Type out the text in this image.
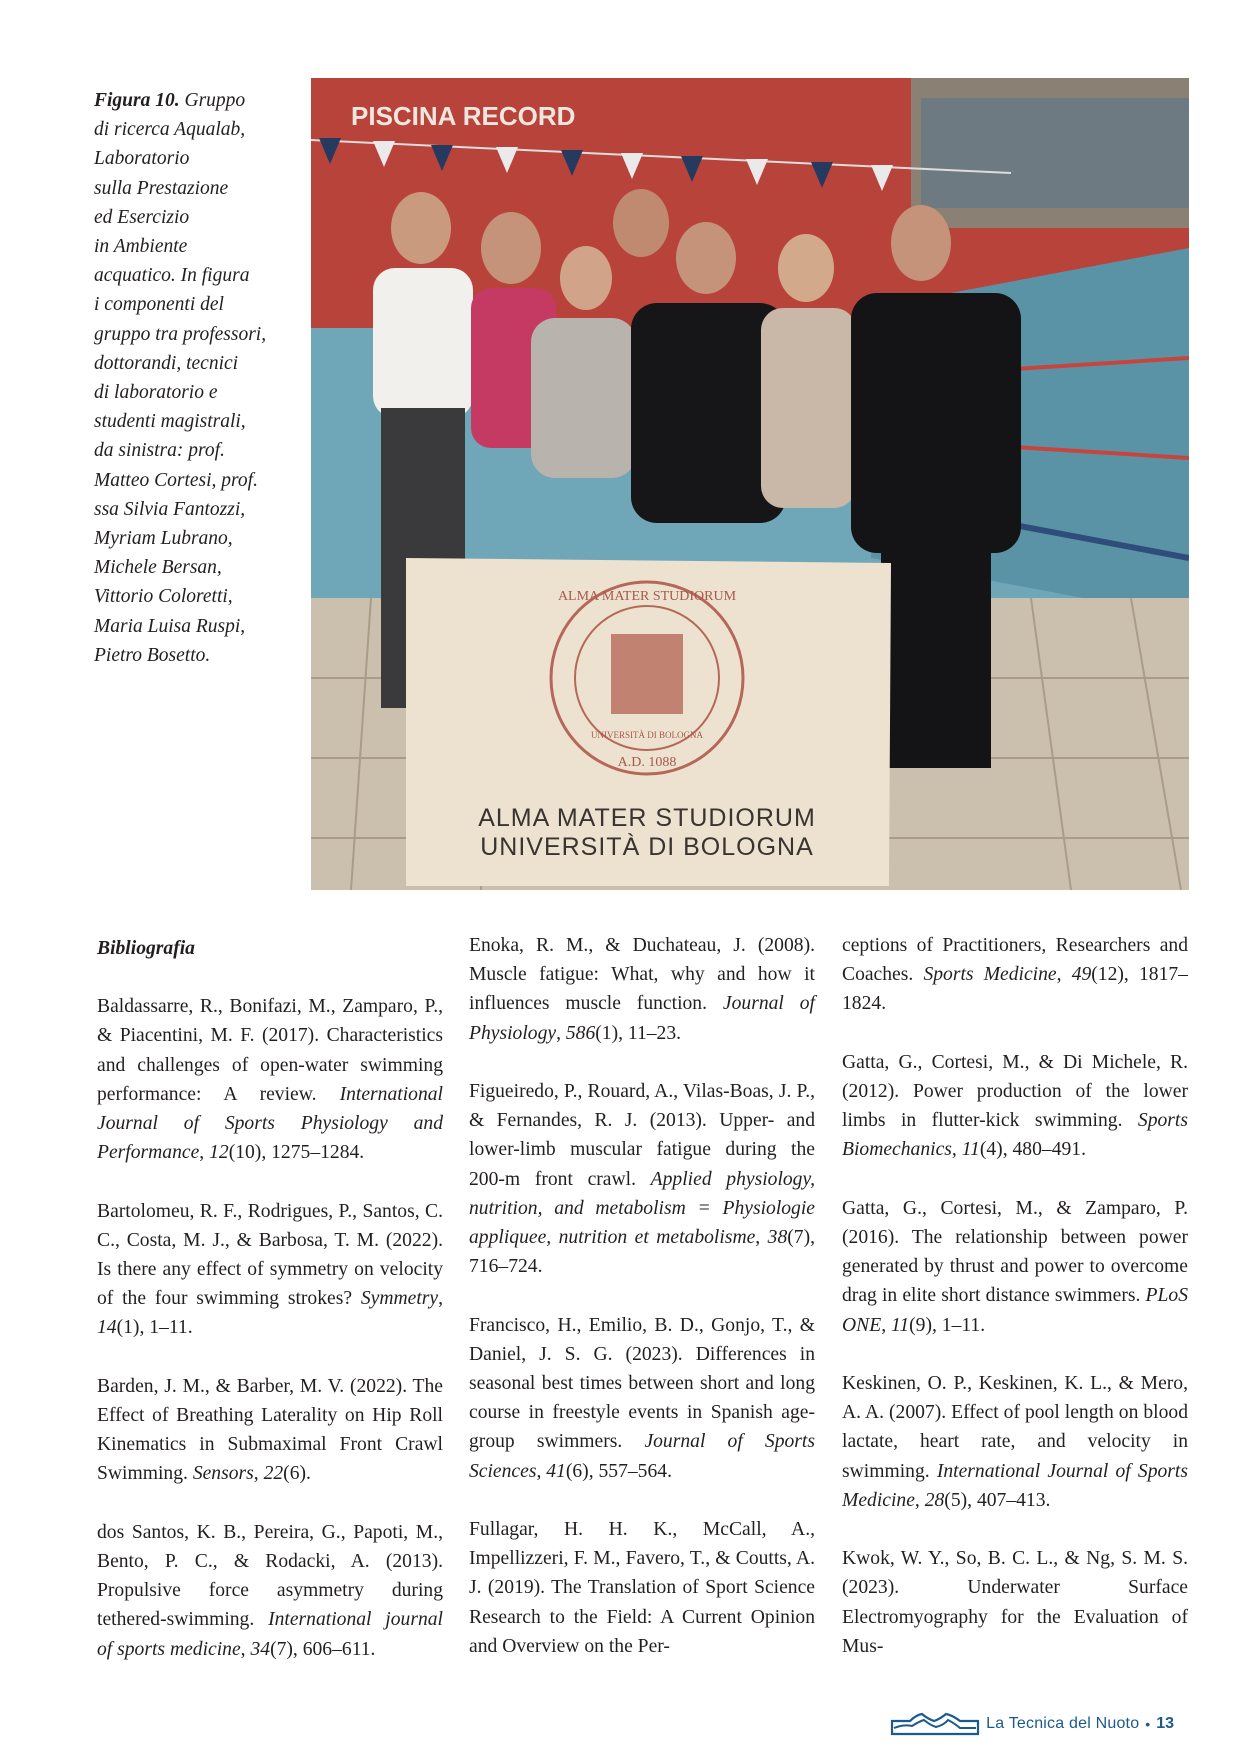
Figura 10. Gruppo
di ricerca Aqualab,
Laboratorio
sulla Prestazione
ed Esercizio
in Ambiente
acquatico. In figura
i componenti del
gruppo tra professori,
dottorandi, tecnici
di laboratorio e
studenti magistrali,
da sinistra: prof.
Matteo Cortesi, prof.
ssa Silvia Fantozzi,
Myriam Lubrano,
Michele Bersan,
Vittorio Coloretti,
Maria Luisa Ruspi,
Pietro Bosetto.
PISCINA RECORD
ALMA MATER STUDIORUM
UNIVERSITÀ DI BOLOGNA
A.D. 1088
ALMA MATER STUDIORUM
UNIVERSITÀ DI BOLOGNA
Bibliografia
Baldassarre, R., Bonifazi, M., Zamparo, P., & Piacentini, M. F. (2017). Characteristics and challenges of open-water swimming performance: A review. International Journal of Sports Physiology and Performance, 12(10), 1275–1284.
Bartolomeu, R. F., Rodrigues, P., Santos, C. C., Costa, M. J., & Barbosa, T. M. (2022). Is there any effect of symmetry on velocity of the four swimming strokes? Symmetry, 14(1), 1–11.
Barden, J. M., & Barber, M. V. (2022). The Effect of Breathing Laterality on Hip Roll Kinematics in Submaximal Front Crawl Swimming. Sensors, 22(6).
dos Santos, K. B., Pereira, G., Papoti, M., Bento, P. C., & Rodacki, A. (2013). Propulsive force asymmetry during tethered-swimming. International journal of sports medicine, 34(7), 606–611.
Enoka, R. M., & Duchateau, J. (2008). Muscle fatigue: What, why and how it influences muscle function. Journal of Physiology, 586(1), 11–23.
Figueiredo, P., Rouard, A., Vilas-Boas, J. P., & Fernandes, R. J. (2013). Upper- and lower-limb muscular fatigue during the 200-m front crawl. Applied physiology, nutrition, and metabolism = Physiologie appliquee, nutrition et metabolisme, 38(7), 716–724.
Francisco, H., Emilio, B. D., Gonjo, T., & Daniel, J. S. G. (2023). Differences in seasonal best times between short and long course in freestyle events in Spanish age-group swimmers. Journal of Sports Sciences, 41(6), 557–564.
Fullagar, H. H. K., McCall, A., Impellizzeri, F. M., Favero, T., & Coutts, A. J. (2019). The Translation of Sport Science Research to the Field: A Current Opinion and Overview on the Per-
ceptions of Practitioners, Researchers and Coaches. Sports Medicine, 49(12), 1817–1824.
Gatta, G., Cortesi, M., & Di Michele, R. (2012). Power production of the lower limbs in flutter-kick swimming. Sports Biomechanics, 11(4), 480–491.
Gatta, G., Cortesi, M., & Zamparo, P. (2016). The relationship between power generated by thrust and power to overcome drag in elite short distance swimmers. PLoS ONE, 11(9), 1–11.
Keskinen, O. P., Keskinen, K. L., & Mero, A. A. (2007). Effect of pool length on blood lactate, heart rate, and velocity in swimming. International Journal of Sports Medicine, 28(5), 407–413.
Kwok, W. Y., So, B. C. L., & Ng, S. M. S. (2023). Underwater Surface Electromyography for the Evaluation of Mus-
La Tecnica del Nuoto • 13
